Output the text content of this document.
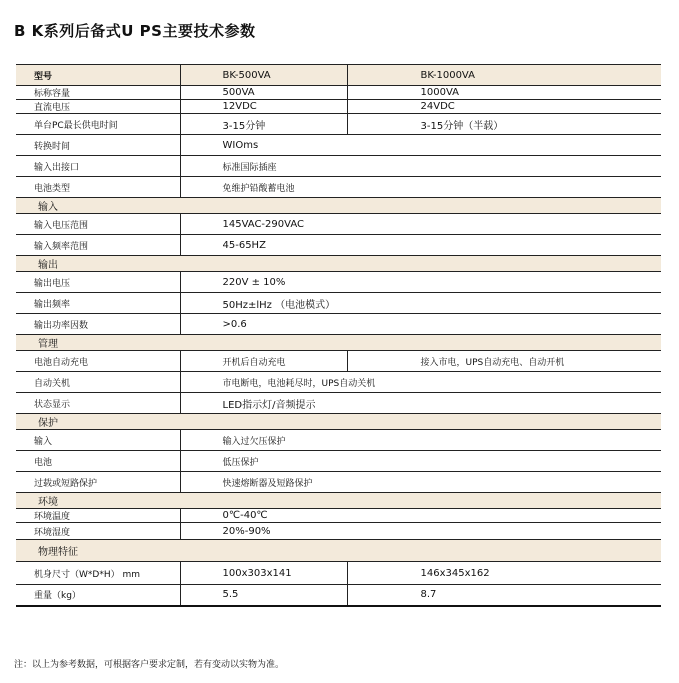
B K系列后备式U PS主要技术参数
型号	BK-500VA	BK-1000VA
标称容量	500VA	1000VA
直流电压	12VDC	24VDC
单台PC最长供电时间	3-15分钟	3-15分钟（半载）
转换时间	WIOms	
输入出接口	标准国际插座	
电池类型	免维护铅酸蓄电池	
输入		
输入电压范围	145VAC-290VAC	
输入频率范围	45-65HZ	
输出		
输出电压	220V ± 10%	
输出频率	50Hz±lHz （电池模式）	
输出功率因数	>0.6	
管理		
电池自动充电	开机后自动充电	接入市电，UPS自动充电、自动开机
自动关机	市电断电，电池耗尽时，UPS自动关机	
状态显示	LED指示灯/音频提示	
保护		
输入	输入过欠压保护	
电池	低压保护	
过载或短路保护	快速熔断器及短路保护	
环境		
环境温度	0℃-40℃	
环境湿度	20%-90%	
物理特征		
机身尺寸（W*D*H） mm	100x303x141	146x345x162
重量（kg）	5.5	8.7
注：以上为参考数据，可根据客户要求定制，若有变动以实物为准。
